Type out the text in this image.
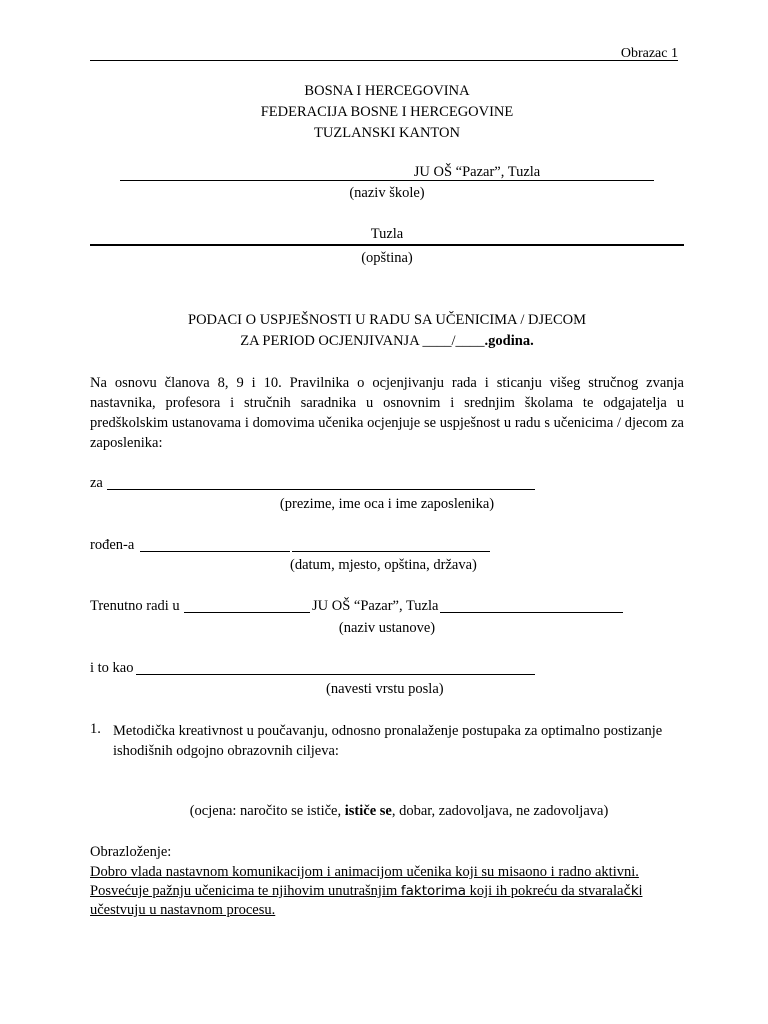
Obrazac 1
BOSNA I HERCEGOVINA
FEDERACIJA BOSNE I HERCEGOVINE
TUZLANSKI KANTON
JU OŠ “Pazar”, Tuzla
(naziv škole)
Tuzla
(opština)
PODACI O USPJEŠNOSTI U RADU SA UČENICIMA / DJECOM
ZA PERIOD OCJENJIVANJA ____/____.godina.
Na osnovu članova 8, 9 i 10. Pravilnika o ocjenjivanju rada i sticanju višeg stručnog zvanja nastavnika, profesora i stručnih saradnika u osnovnim i srednjim školama te odgajatelja u predškolskim ustanovama i domovima učenika ocjenjuje se uspješnost u radu s učenicima / djecom za zaposlenika:
za
(prezime, ime oca i ime zaposlenika)
rođen-a
(datum, mjesto, opština, država)
Trenutno radi u	JU OŠ “Pazar”, Tuzla
(naziv ustanove)
i to kao
(navesti vrstu posla)
1. Metodička kreativnost u poučavanju, odnosno pronalaženje postupaka za optimalno postizanje ishodišnih odgojno obrazovnih ciljeva:
(ocjena: naročito se ističe, ističe se, dobar, zadovoljava, ne zadovoljava)
Obrazloženje:
Dobro vlada nastavnom komunikacijom i animacijom učenika koji su misaono i radno aktivni.
Posvećuje pažnju učenicima te njihovim unutrašnjim faktorima koji ih pokreću da stvaralački
učestvuju u nastavnom procesu.
